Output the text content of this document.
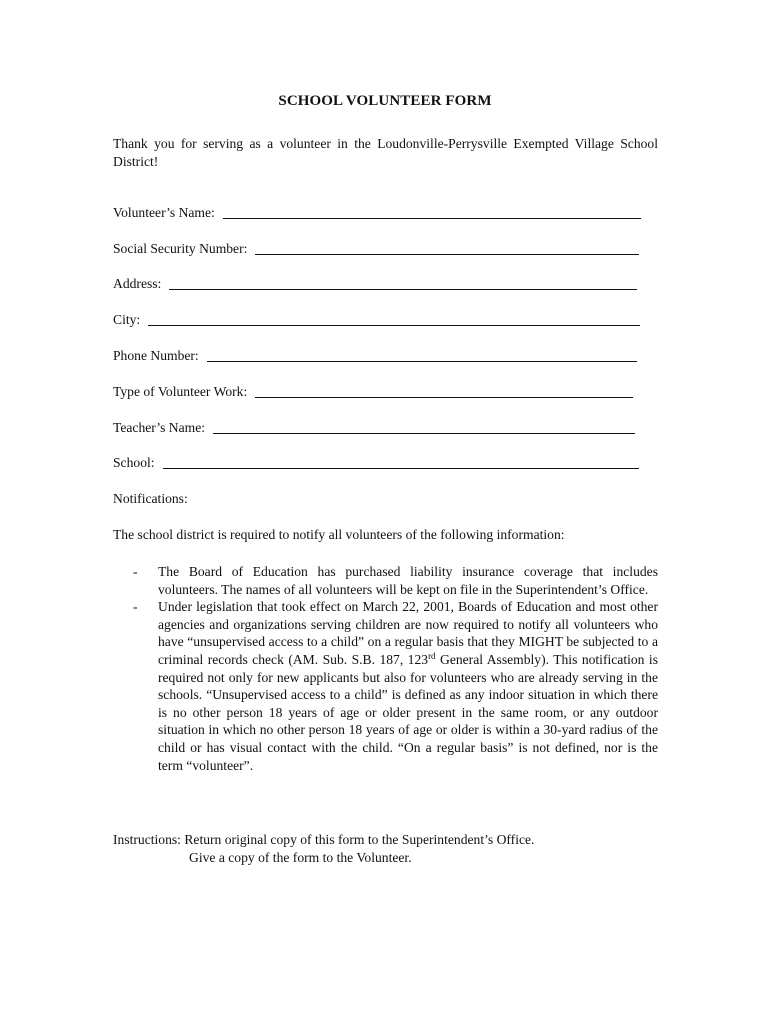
SCHOOL VOLUNTEER FORM
Thank you for serving as a volunteer in the Loudonville-Perrysville Exempted Village School District!
Volunteer’s Name:
Social Security Number:
Address:
City:
Phone Number:
Type of Volunteer Work:
Teacher’s Name:
School:
Notifications:
The school district is required to notify all volunteers of the following information:
- The Board of Education has purchased liability insurance coverage that includes volunteers. The names of all volunteers will be kept on file in the Superintendent’s Office.
- Under legislation that took effect on March 22, 2001, Boards of Education and most other agencies and organizations serving children are now required to notify all volunteers who have “unsupervised access to a child” on a regular basis that they MIGHT be subjected to a criminal records check (AM. Sub. S.B. 187, 123rd General Assembly). This notification is required not only for new applicants but also for volunteers who are already serving in the schools. “Unsupervised access to a child” is defined as any indoor situation in which there is no other person 18 years of age or older present in the same room, or any outdoor situation in which no other person 18 years of age or older is within a 30-yard radius of the child or has visual contact with the child. “On a regular basis” is not defined, nor is the term “volunteer”.
Instructions: Return original copy of this form to the Superintendent’s Office.
Give a copy of the form to the Volunteer.
